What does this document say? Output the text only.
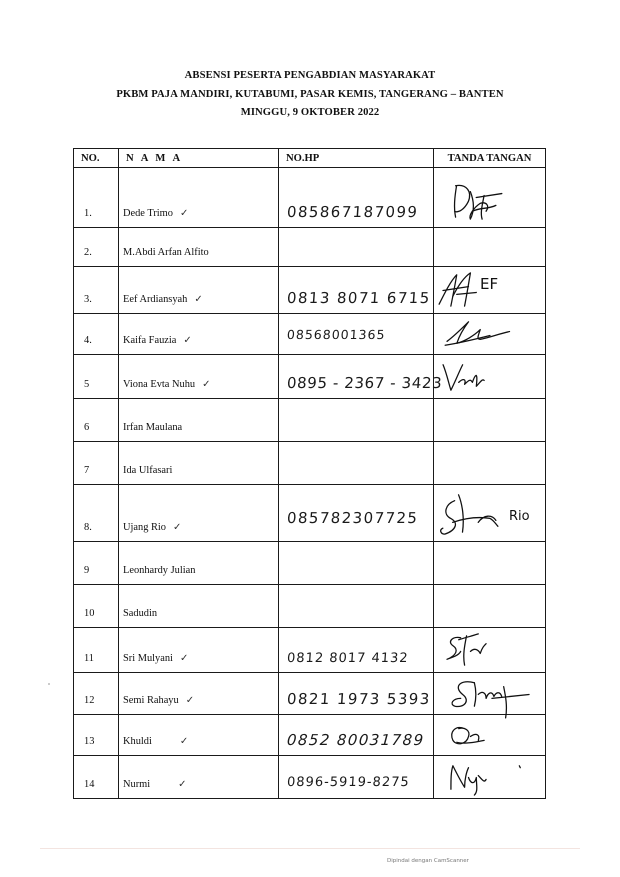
ABSENSI PESERTA PENGABDIAN MASYARAKAT
PKBM PAJA MANDIRI, KUTABUMI, PASAR KEMIS, TANGERANG – BANTEN
MINGGU, 9 OKTOBER 2022
NO.	N A M A	NO.HP	TANDA TANGAN
1.	Dede Trimo ✓	085867187099

2.	M.Abdi Arfan Alfito		
3.	Eef Ardiansyah ✓	0813 8071 6715	EF

4.	Kaifa Fauzia ✓	08568001365

5	Viona Evta Nuhu ✓	0895 - 2367 - 3423

6	Irfan Maulana		
7	Ida Ulfasari		
8.	Ujang Rio ✓	085782307725	Rio

9	Leonhardy Julian		
10	Sadudin		
11	Sri Mulyani ✓	0812 8017 4132

12	Semi Rahayu ✓	0821 1973 5393

13	Khuldi ✓	0852 80031789

14	Nurmi ✓	0896-5919-8275

Dipindai dengan CamScanner
